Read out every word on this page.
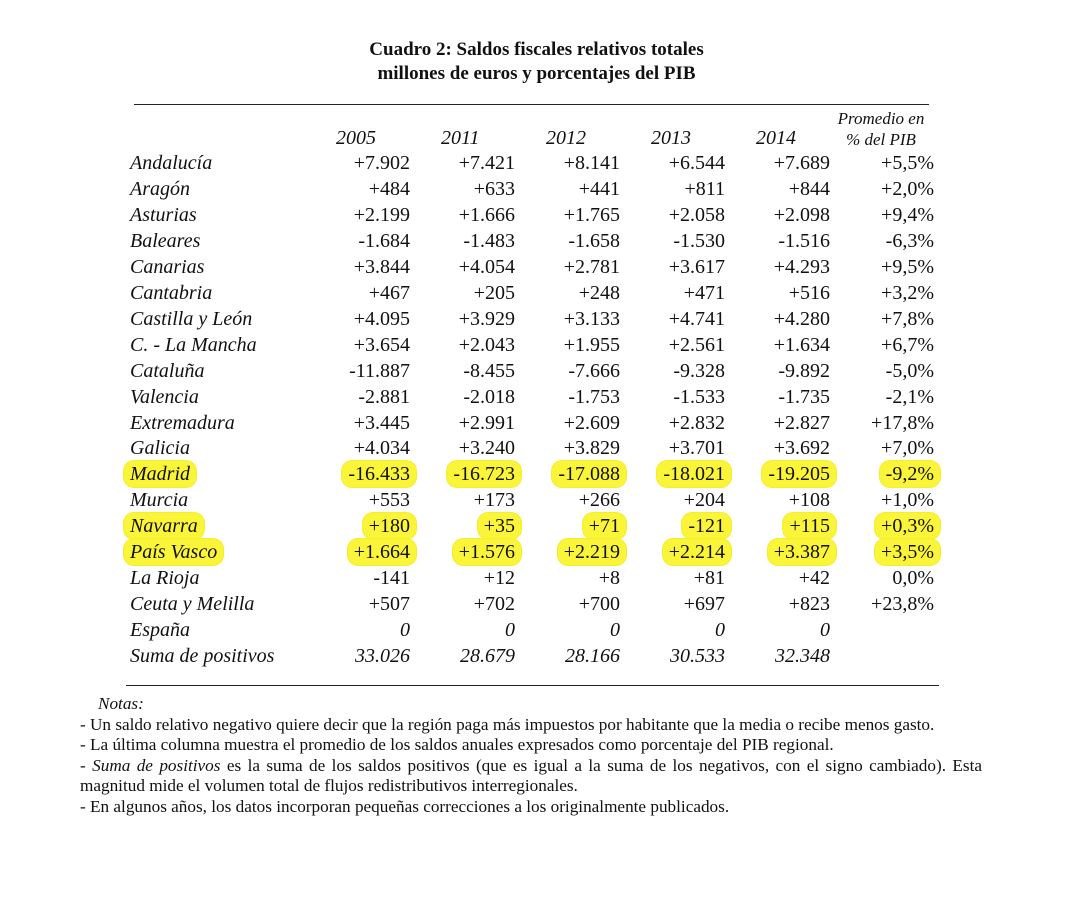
Cuadro 2: Saldos fiscales relativos totales
millones de euros y porcentajes del PIB
2005	2011	2012	2013	2014
Promedio en
% del PIB
Andalucía	+7.902 +7.421 +8.141 +6.544 +7.689	+5,5%
Aragón	+484	+633	+441	+811	+844	+2,0%
Asturias	+2.199 +1.666 +1.765 +2.058 +2.098	+9,4%
Baleares	-1.684	-1.483	-1.658	-1.530	-1.516	-6,3%
Canarias	+3.844 +4.054 +2.781 +3.617 +4.293	+9,5%
Cantabria	+467	+205	+248	+471	+516	+3,2%
Castilla y León	+4.095 +3.929 +3.133 +4.741 +4.280	+7,8%
C. - La Mancha	+3.654 +2.043 +1.955 +2.561 +1.634	+6,7%
Cataluña	-11.887	-8.455	-7.666	-9.328	-9.892	-5,0%
Valencia	-2.881	-2.018	-1.753	-1.533	-1.735	-2,1%
Extremadura	+3.445 +2.991 +2.609 +2.832 +2.827 +17,8%
Galicia	+4.034 +3.240 +3.829 +3.701 +3.692	+7,0%
Madrid	-16.433	-16.723	-17.088	-18.021	-19.205	-9,2%
Murcia	+553	+173	+266	+204	+108	+1,0%
Navarra	+180	+35	+71	-121	+115	+0,3%
País Vasco	+1.664	+1.576	+2.219	+2.214	+3.387	+3,5%
La Rioja	-141	+12	+8	+81	+42	0,0%
Ceuta y Melilla	+507	+702	+700	+697	+823 +23,8%
España	0	0	0	0	0
Suma de positivos	33.026	28.679	28.166	30.533	32.348

Notas:

- Un saldo relativo negativo quiere decir que la región paga más impuestos por habitante que la media o recibe menos gasto.

- La última columna muestra el promedio de los saldos anuales expresados como porcentaje del PIB regional.

- Suma de positivos es la suma de los saldos positivos (que es igual a la suma de los negativos, con el signo cambiado). Esta magnitud mide el volumen total de flujos redistributivos interregionales.

- En algunos años, los datos incorporan pequeñas correcciones a los originalmente publicados.
